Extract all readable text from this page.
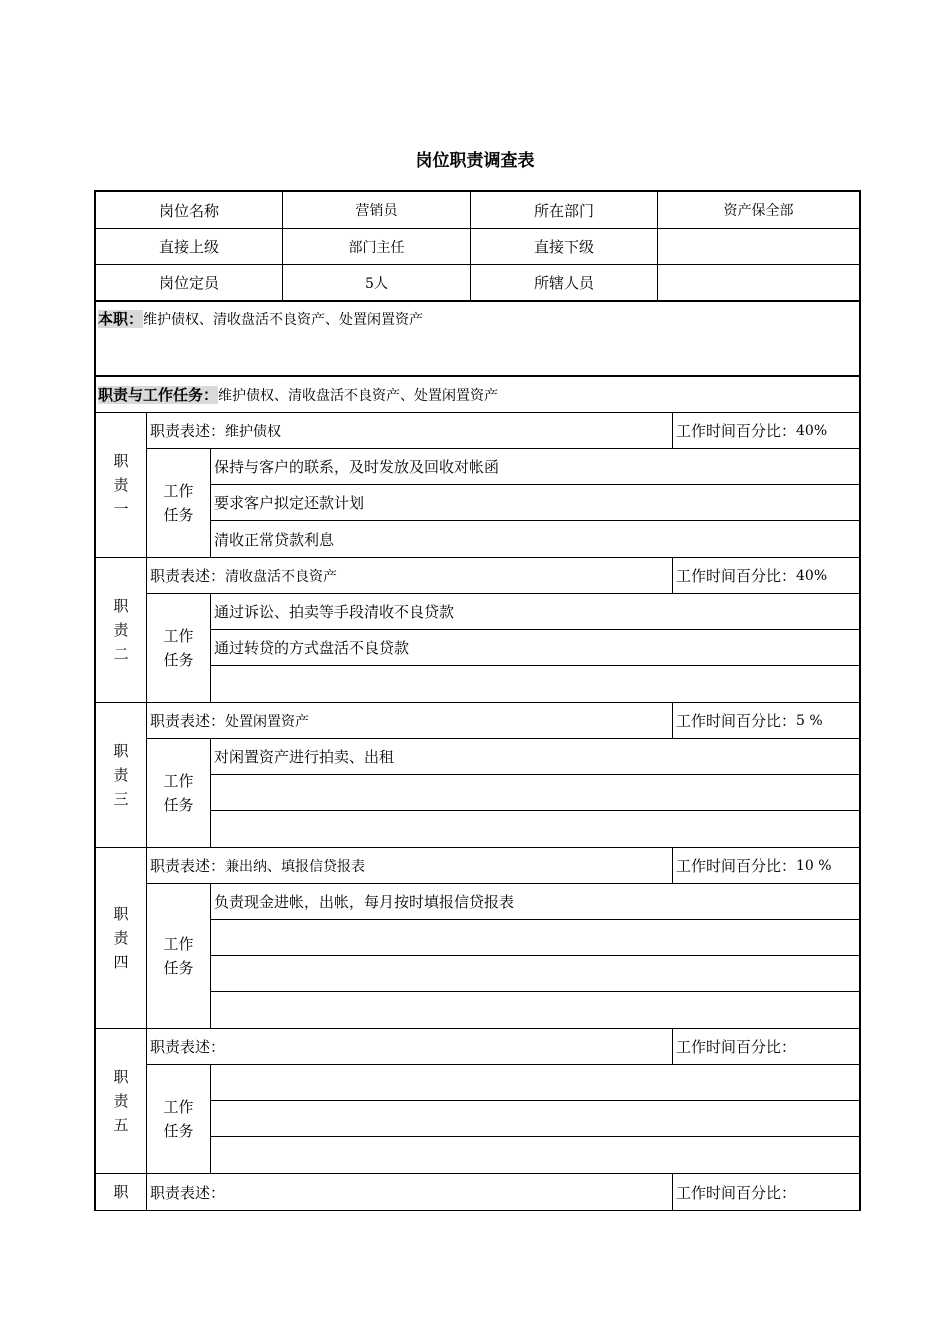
岗位职责调查表
岗位名称	营销员	所在部门	资产保全部
直接上级	部门主任	直接下级
岗位定员	5人	所辖人员
本职：维护债权、清收盘活不良资产、处置闲置资产
职责与工作任务：维护债权、清收盘活不良资产、处置闲置资产
职责一
职责表述： 维护债权	工作时间百分比： 40%
工作任务
保持与客户的联系，及时发放及回收对帐函
要求客户拟定还款计划
清收正常贷款利息
职责二
职责表述： 清收盘活不良资产	工作时间百分比： 40%
工作任务
通过诉讼、拍卖等手段清收不良贷款
通过转贷的方式盘活不良贷款
职责三
职责表述： 处置闲置资产	工作时间百分比： 5 %
工作任务
对闲置资产进行拍卖、出租
职责四
职责表述： 兼出纳、填报信贷报表	工作时间百分比： 10 %
工作任务
负责现金进帐，出帐，每月按时填报信贷报表
职责五
职责表述：	工作时间百分比：
工作任务
职 职责表述：	工作时间百分比：
